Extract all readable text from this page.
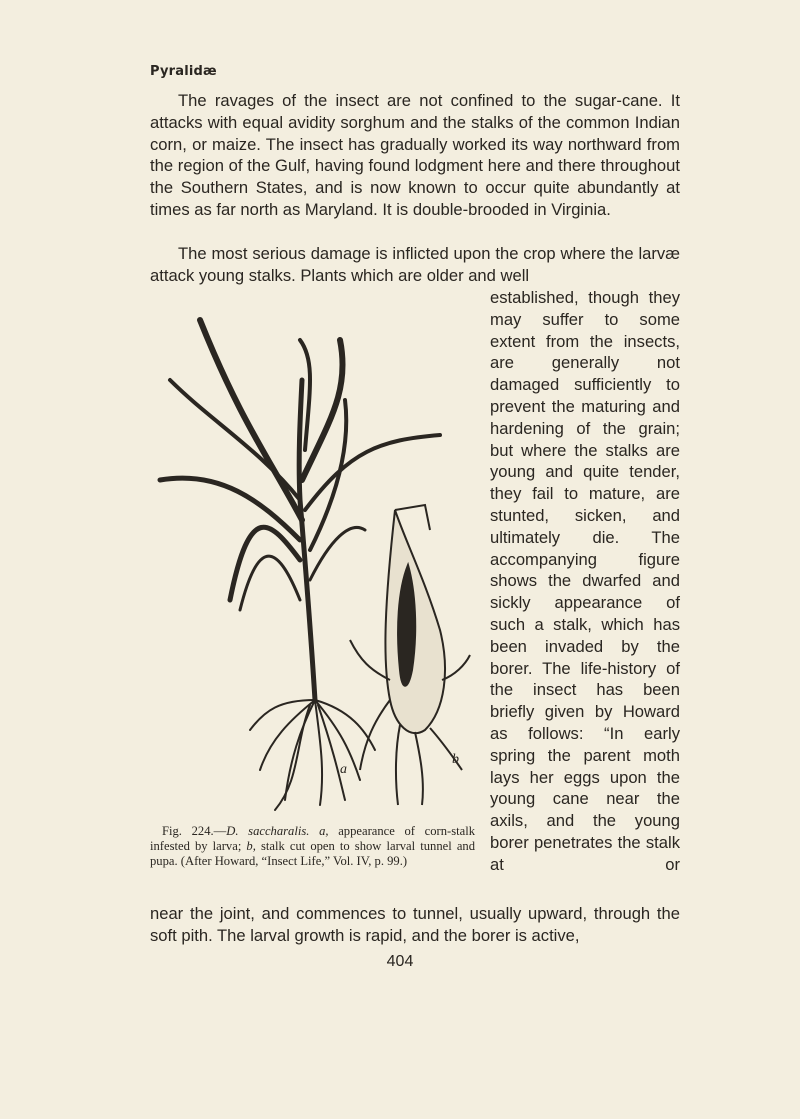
Pyralidæ
The ravages of the insect are not confined to the sugar-cane. It attacks with equal avidity sorghum and the stalks of the common Indian corn, or maize. The insect has gradually worked its way northward from the region of the Gulf, having found lodgment here and there throughout the Southern States, and is now known to occur quite abundantly at times as far north as Maryland. It is double-brooded in Virginia.
The most serious damage is inflicted upon the crop where the larvæ attack young stalks. Plants which are older and well
established, though they may suffer to some extent from the insects, are generally not damaged sufficiently to prevent the maturing and hardening of the grain; but where the stalks are young and quite tender, they fail to mature, are stunted, sicken, and ultimately die. The accompanying figure shows the dwarfed and sickly appearance of such a stalk, which has been invaded by the borer. The life-history of the insect has been briefly given by Howard as follows: “In early spring the parent moth lays her eggs upon the young cane near the axils, and the young borer penetrates the stalk at or
a
b
Fig. 224.—D. saccharalis. a, appearance of corn-stalk infested by larva; b, stalk cut open to show larval tunnel and pupa. (After Howard, “Insect Life,” Vol. IV, p. 99.)
near the joint, and commences to tunnel, usually upward, through the soft pith. The larval growth is rapid, and the borer is active,
404
